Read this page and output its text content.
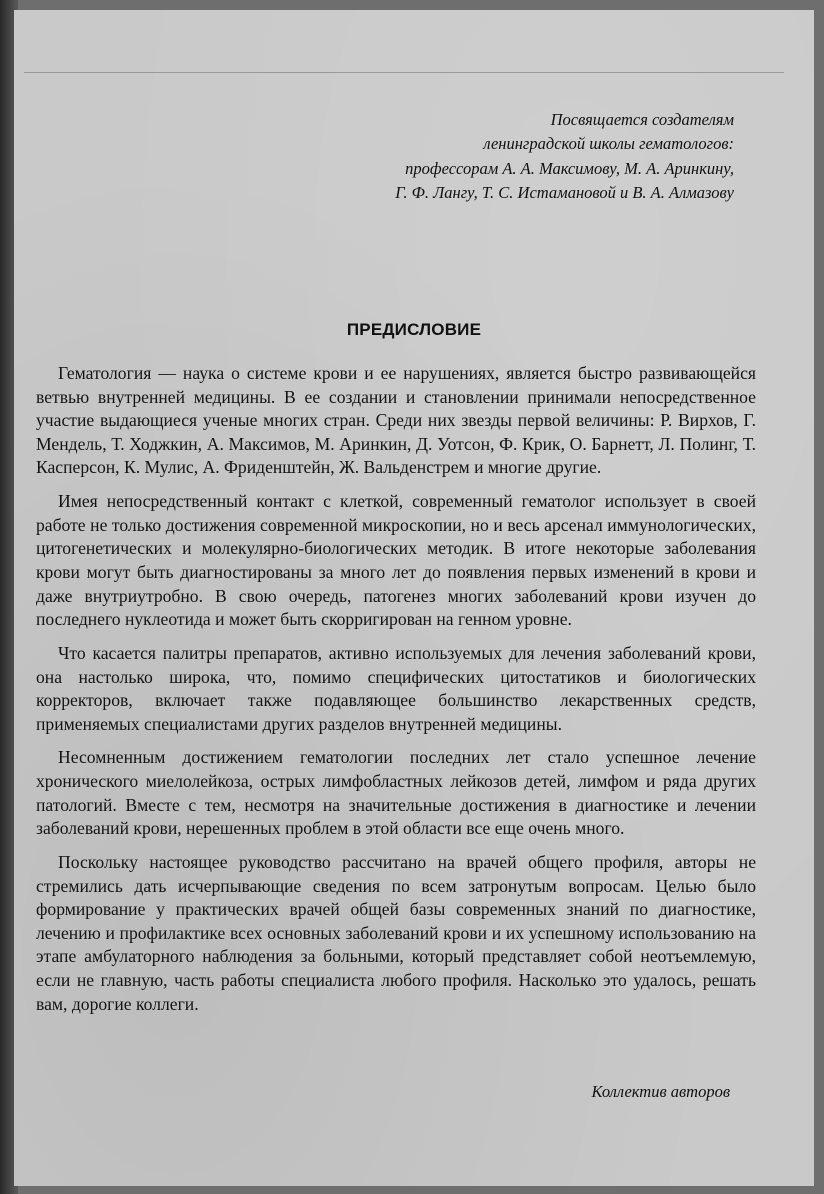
Посвящается создателям
ленинградской школы гематологов:
профессорам А. А. Максимову, М. А. Аринкину,
Г. Ф. Лангу, Т. С. Истамановой и В. А. Алмазову
ПРЕДИСЛОВИЕ

Гематология — наука о системе крови и ее нарушениях, является быстро развивающейся ветвью внутренней медицины. В ее создании и становлении принимали непосредственное участие выдающиеся ученые многих стран. Среди них звезды первой величины: Р. Вирхов, Г. Мендель, Т. Ходжкин, А. Максимов, М. Аринкин, Д. Уотсон, Ф. Крик, О. Барнетт, Л. Полинг, Т. Касперсон, К. Мулис, А. Фриденштейн, Ж. Вальденстрем и многие другие.

Имея непосредственный контакт с клеткой, современный гематолог использует в своей работе не только достижения современной микроскопии, но и весь арсенал иммунологических, цитогенетических и молекулярно-биологических методик. В итоге некоторые заболевания крови могут быть диагностированы за много лет до появления первых изменений в крови и даже внутриутробно. В свою очередь, патогенез многих заболеваний крови изучен до последнего нуклеотида и может быть скорригирован на генном уровне.

Что касается палитры препаратов, активно используемых для лечения заболеваний крови, она настолько широка, что, помимо специфических цитостатиков и биологических корректоров, включает также подавляющее большинство лекарственных средств, применяемых специалистами других разделов внутренней медицины.

Несомненным достижением гематологии последних лет стало успешное лечение хронического миелолейкоза, острых лимфобластных лейкозов детей, лимфом и ряда других патологий. Вместе с тем, несмотря на значительные достижения в диагностике и лечении заболеваний крови, нерешенных проблем в этой области все еще очень много.

Поскольку настоящее руководство рассчитано на врачей общего профиля, авторы не стремились дать исчерпывающие сведения по всем затронутым вопросам. Целью было формирование у практических врачей общей базы современных знаний по диагностике, лечению и профилактике всех основных заболеваний крови и их успешному использованию на этапе амбулаторного наблюдения за больными, который представляет собой неотъемлемую, если не главную, часть работы специалиста любого профиля. Насколько это удалось, решать вам, дорогие коллеги.

Коллектив авторов
